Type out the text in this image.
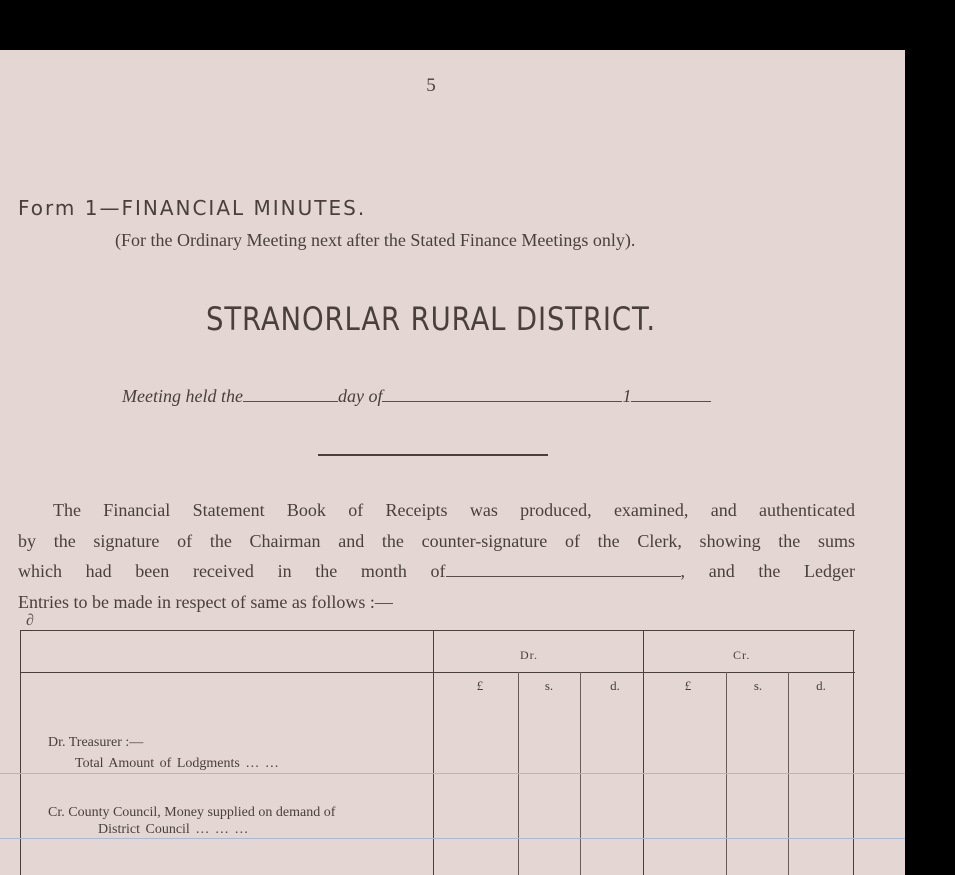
5
Form 1—FINANCIAL MINUTES.
(For the Ordinary Meeting next after the Stated Finance Meetings only).
STRANORLAR RURAL DISTRICT.
Meeting held the	day of	1
The Financial Statement Book of Receipts was produced, examined, and authenticated
by the signature of the Chairman and the counter-signature of the Clerk, showing the sums
which had been received in the month of	, and the Ledger
Entries to be made in respect of same as follows :—
Dr.	Cr.
£	s.	d.	£	s.	d.
Dr. Treasurer :—
Total Amount of Lodgments … …
Cr. County Council, Money supplied on demand of
District Council … … …
∂
